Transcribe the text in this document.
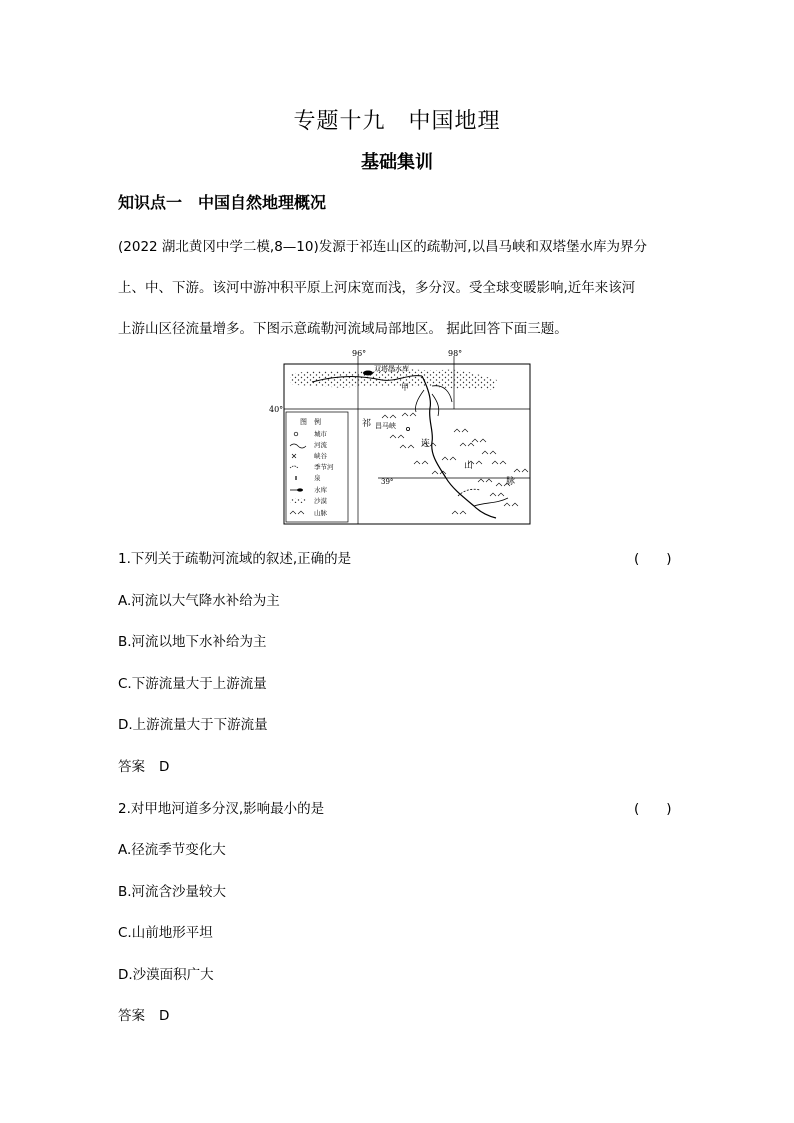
专题十九　中国地理
基础集训
知识点一　中国自然地理概况
(2022 湖北黄冈中学二模,8—10)发源于祁连山区的疏勒河,以昌马峡和双塔堡水库为界分
上、中、下游。该河中游冲积平原上河床宽而浅，多分汊。受全球变暖影响,近年来该河
上游山区径流量增多。下图示意疏勒河流域局部地区。 据此回答下面三题。
96°	98°
40°
39°
双塔堡水库
甲
昌马峡
祁
连
山
脉
图　例
城市
河流
峡谷
季节河
泉
水库
沙漠
山脉
1.下列关于疏勒河流域的叙述,正确的是	(　　)
A.河流以大气降水补给为主
B.河流以地下水补给为主
C.下游流量大于上游流量
D.上游流量大于下游流量
答案 D
2.对甲地河道多分汊,影响最小的是	(　　)
A.径流季节变化大
B.河流含沙量较大
C.山前地形平坦
D.沙漠面积广大
答案 D
